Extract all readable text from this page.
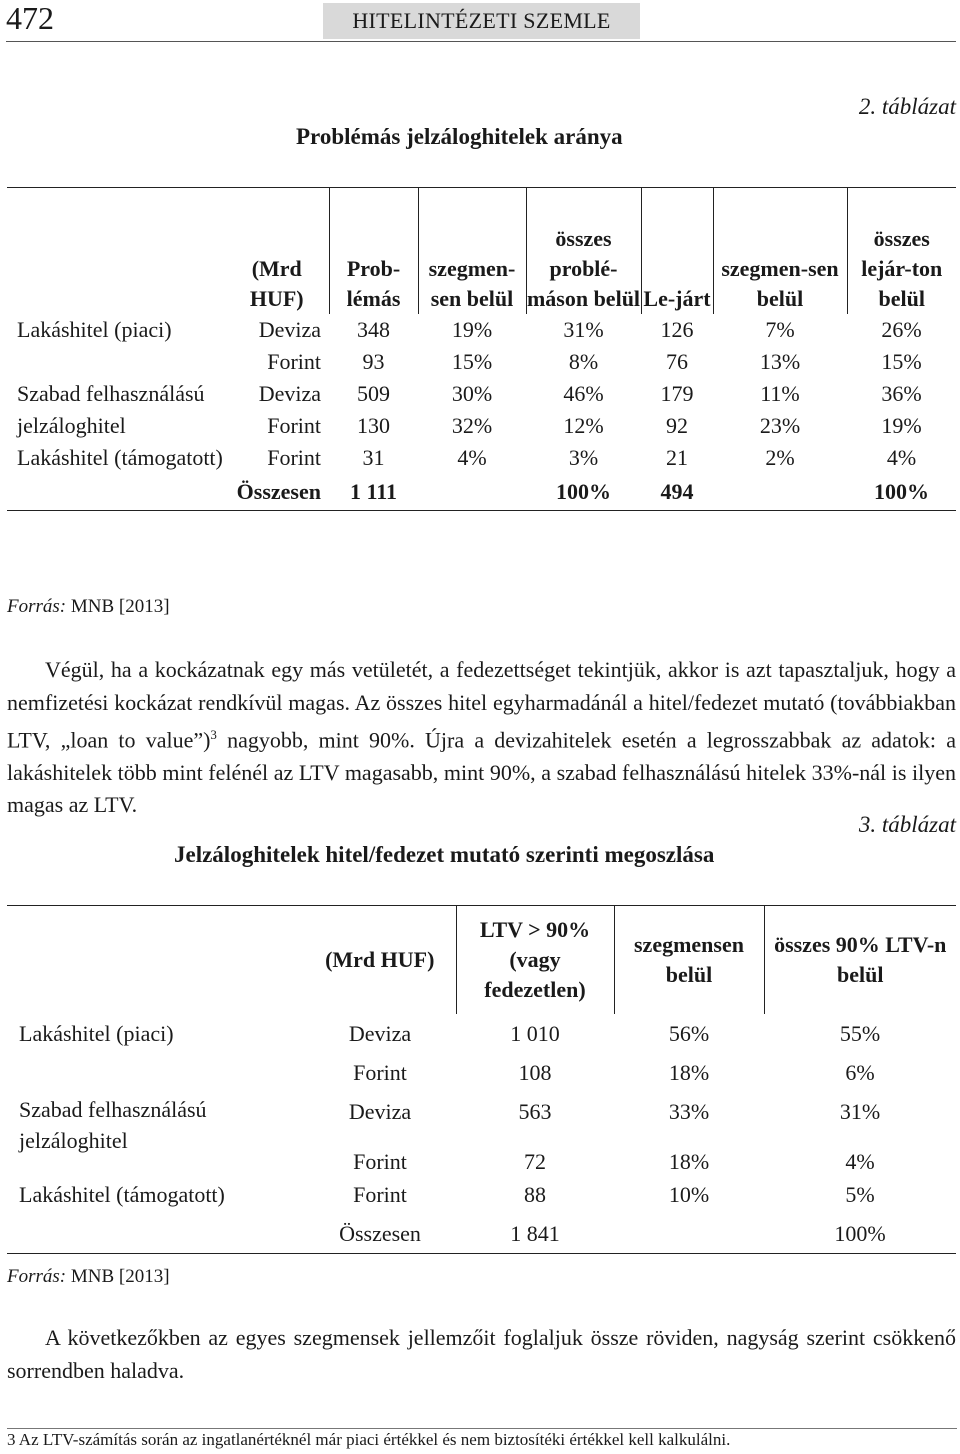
472	HITELINTÉZETI SZEMLE
2. táblázat
Problémás jelzáloghitelek aránya
	(Mrd HUF)	Prob-lémás	szegmen-sen belül	összes problé-máson belül	Le-járt	szegmen-sen belül	összes lejár-ton belül
Lakáshitel (piaci)	Deviza	348	19%	31%	126	7%	26%
	Forint	93	15%	8%	76	13%	15%
Szabad felhasználású	Deviza	509	30%	46%	179	11%	36%
jelzáloghitel	Forint	130	32%	12%	92	23%	19%
Lakáshitel (támogatott)	Forint	31	4%	3%	21	2%	4%
	Összesen	1 111		100%	494		100%
Forrás: MNB [2013]
Végül, ha a kockázatnak egy más vetületét, a fedezettséget tekintjük, akkor is azt tapasztaljuk, hogy a nemfizetési kockázat rendkívül magas. Az összes hitel egyharmadánál a hitel/fedezet mutató (továbbiakban LTV, „loan to value”)$^3$ nagyobb, mint 90%. Újra a devizahitelek esetén a legrosszabbak az adatok: a lakáshitelek több mint felénél az LTV magasabb, mint 90%, a szabad felhasználású hitelek 33%-nál is ilyen magas az LTV.
3. táblázat
Jelzáloghitelek hitel/fedezet mutató szerinti megoszlása
	(Mrd HUF)	LTV > 90% (vagy fedezetlen)	szegmensen belül	összes 90% LTV-n belül
Lakáshitel (piaci)	Deviza	1 010	56%	55%
	Forint	108	18%	6%
Szabad felhasználású jelzáloghitel	Deviza	563	33%	31%
	Forint	72	18%	4%
Lakáshitel (támogatott)	Forint	88	10%	5%
	Összesen	1 841		100%
Forrás: MNB [2013]
A következőkben az egyes szegmensek jellemzőit foglaljuk össze röviden, nagyság szerint csökkenő sorrendben haladva.
3 Az LTV-számítás során az ingatlanértéknél már piaci értékkel és nem biztosítéki értékkel kell kalkulálni.
